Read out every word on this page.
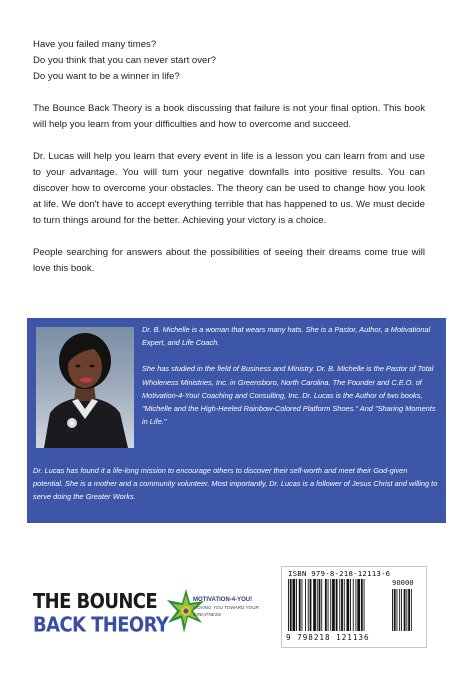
Have you failed many times?

Do you think that you can never start over?

Do you want to be a winner in life?

The Bounce Back Theory is a book discussing that failure is not your final option. This book will help you learn from your difficulties and how to overcome and succeed.

Dr. Lucas will help you learn that every event in life is a lesson you can learn from and use to your advantage. You will turn your negative downfalls into positive results. You can discover how to overcome your obstacles. The theory can be used to change how you look at life. We don't have to accept everything terrible that has happened to us. We must decide to turn things around for the better. Achieving your victory is a choice.

People searching for answers about the possibilities of seeing their dreams come true will love this book.

Dr. B. Michelle is a woman that wears many hats. She is a Pastor, Author, a Motivational Expert, and Life Coach.

She has studied in the field of Business and Ministry. Dr. B. Michelle is the Pastor of Total Wholeness Ministries, Inc. in Greensboro, North Carolina. The Founder and C.E.O. of Motivation-4-You! Coaching and Consulting, Inc. Dr. Lucas is the Author of two books, "Michelle and the High-Heeled Rainbow-Colored Platform Shoes." And "Sharing Moments in Life."

Dr. Lucas has found it a life-long mission to encourage others to discover their self-worth and meet their God-given potential. She is a mother and a community volunteer. Most importantly, Dr. Lucas is a follower of Jesus Christ and willing to serve doing the Greater Works.

THE BOUNCE
BACK THEORY
MOTIVATION-4-YOU!
MOVING YOU TOWARD YOUR GREATNESS
ISBN 979-8-218-12113-6
90000
9 798218 121136
